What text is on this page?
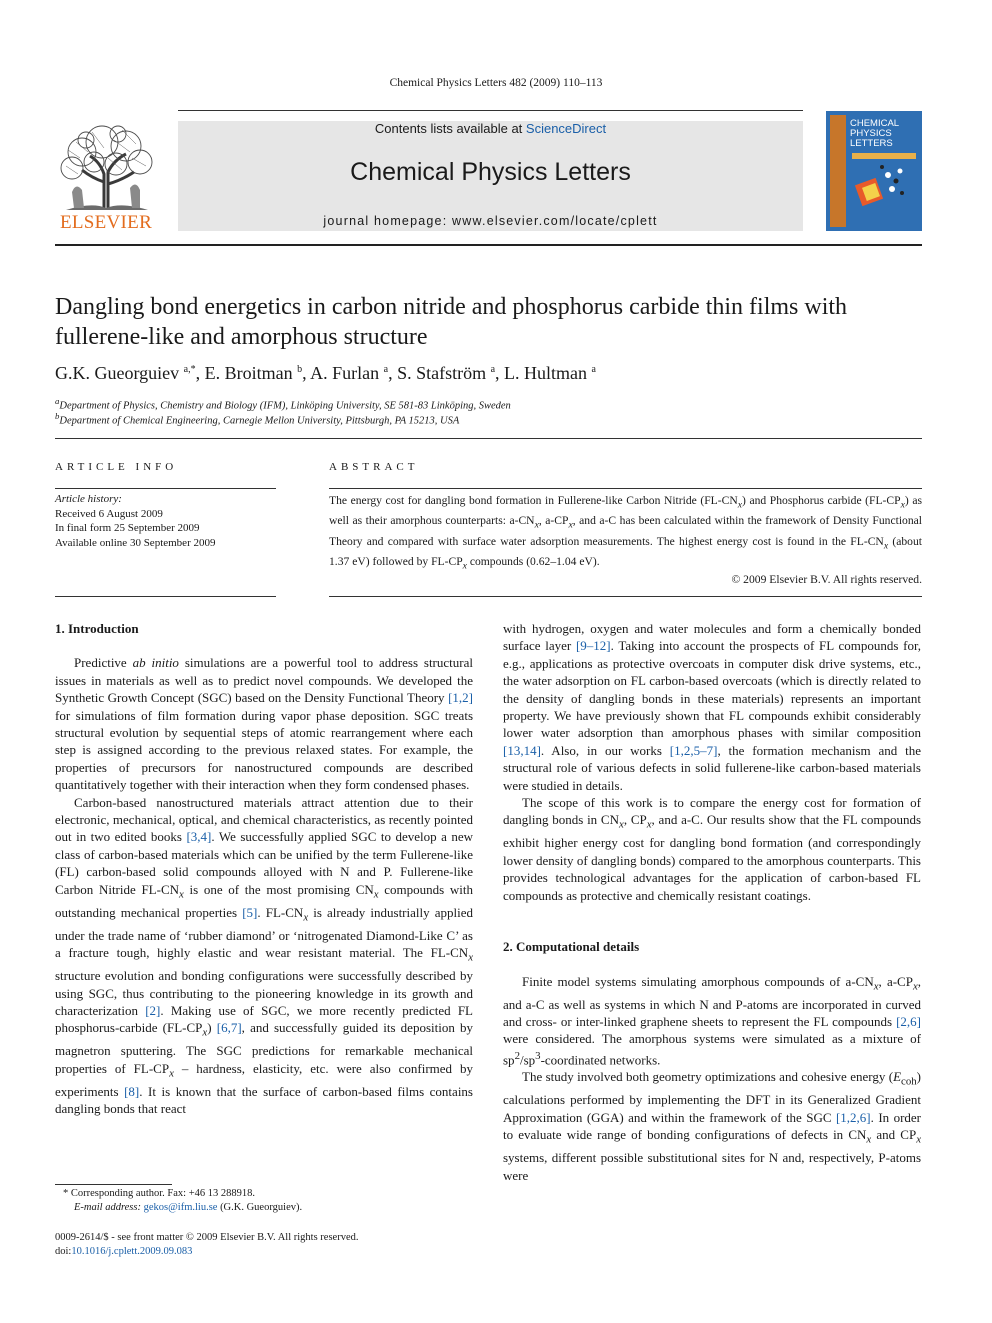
Chemical Physics Letters 482 (2009) 110–113
Contents lists available at ScienceDirect
Chemical Physics Letters
journal homepage: www.elsevier.com/locate/cplett
ELSEVIER
CHEMICAL
PHYSICS
LETTERS
Dangling bond energetics in carbon nitride and phosphorus carbide thin films with fullerene-like and amorphous structure
G.K. Gueorguiev $^{a,*}$, E. Broitman $^b$, A. Furlan $^a$, S. Stafström $^a$, L. Hultman $^a$
$^a$Department of Physics, Chemistry and Biology (IFM), Linköping University, SE 581-83 Linköping, Sweden
$^b$Department of Chemical Engineering, Carnegie Mellon University, Pittsburgh, PA 15213, USA
ARTICLE INFO	ABSTRACT
Article history:
Received 6 August 2009
In final form 25 September 2009
Available online 30 September 2009
The energy cost for dangling bond formation in Fullerene-like Carbon Nitride $(FL-CN_x)$ and Phosphorus carbide $(FL-CP_x)$ as well as their amorphous counterparts: $a-CN_x$, $a-CP_x$, and a-C has been calculated within the framework of Density Functional Theory and compared with surface water adsorption measurements. The highest energy cost is found in the $FL-CN_x$ (about 1.37 eV) followed by $FL-CP_x$ compounds (0.62–1.04 eV).
© 2009 Elsevier B.V. All rights reserved.
1. Introduction

Predictive ab initio simulations are a powerful tool to address structural issues in materials as well as to predict novel compounds. We developed the Synthetic Growth Concept (SGC) based on the Density Functional Theory [1,2] for simulations of film formation during vapor phase deposition. SGC treats structural evolution by sequential steps of atomic rearrangement where each step is assigned according to the previous relaxed states. For example, the properties of precursors for nanostructured compounds are described quantitatively together with their interaction when they form condensed phases.

Carbon-based nanostructured materials attract attention due to their electronic, mechanical, optical, and chemical characteristics, as recently pointed out in two edited books [3,4]. We successfully applied SGC to develop a new class of carbon-based materials which can be unified by the term Fullerene-like (FL) carbon-based solid compounds alloyed with N and P. Fullerene-like Carbon Nitride $FL-CN_x$ is one of the most promising $CN_x$ compounds with outstanding mechanical properties [5]. $FL-CN_x$ is already industrially applied under the trade name of ‘rubber diamond’ or ‘nitrogenated Diamond-Like C’ as a fracture tough, highly elastic and wear resistant material. The $FL-CN_x$ structure evolution and bonding configurations were successfully described by using SGC, thus contributing to the pioneering knowledge in its growth and characterization [2]. Making use of SGC, we more recently predicted FL phosphorus-carbide $(FL-CP_x)$ [6,7], and successfully guided its deposition by magnetron sputtering. The SGC predictions for remarkable mechanical properties of $FL-CP_x$ – hardness, elasticity, etc. were also confirmed by experiments [8]. It is known that the surface of carbon-based films contains dangling bonds that react

with hydrogen, oxygen and water molecules and form a chemically bonded surface layer [9–12]. Taking into account the prospects of FL compounds for, e.g., applications as protective overcoats in computer disk drive systems, etc., the water adsorption on FL carbon-based overcoats (which is directly related to the density of dangling bonds in these materials) represents an important property. We have previously shown that FL compounds exhibit considerably lower water adsorption than amorphous phases with similar composition [13,14]. Also, in our works [1,2,5–7], the formation mechanism and the structural role of various defects in solid fullerene-like carbon-based materials were studied in details.

The scope of this work is to compare the energy cost for formation of dangling bonds in $CN_x$, $CP_x$, and a-C. Our results show that the FL compounds exhibit higher energy cost for dangling bond formation (and correspondingly lower density of dangling bonds) compared to the amorphous counterparts. This provides technological advantages for the application of carbon-based FL compounds as protective and chemically resistant coatings.

2. Computational details

Finite model systems simulating amorphous compounds of $a-CN_x$, $a-CP_x$, and a-C as well as systems in which N and P-atoms are incorporated in curved and cross- or inter-linked graphene sheets to represent the FL compounds [2,6] were considered. The amorphous systems were simulated as a mixture of $sp^2/sp^3$-coordinated networks.

The study involved both geometry optimizations and cohesive energy $(E_{coh})$ calculations performed by implementing the DFT in its Generalized Gradient Approximation (GGA) and within the framework of the SGC [1,2,6]. In order to evaluate wide range of bonding configurations of defects in $CN_x$ and $CP_x$ systems, different possible substitutional sites for N and, respectively, P-atoms were

* Corresponding author. Fax: +46 13 288918.
E-mail address: gekos@ifm.liu.se (G.K. Gueorguiev).
0009-2614/$ - see front matter © 2009 Elsevier B.V. All rights reserved.
doi:10.1016/j.cplett.2009.09.083
